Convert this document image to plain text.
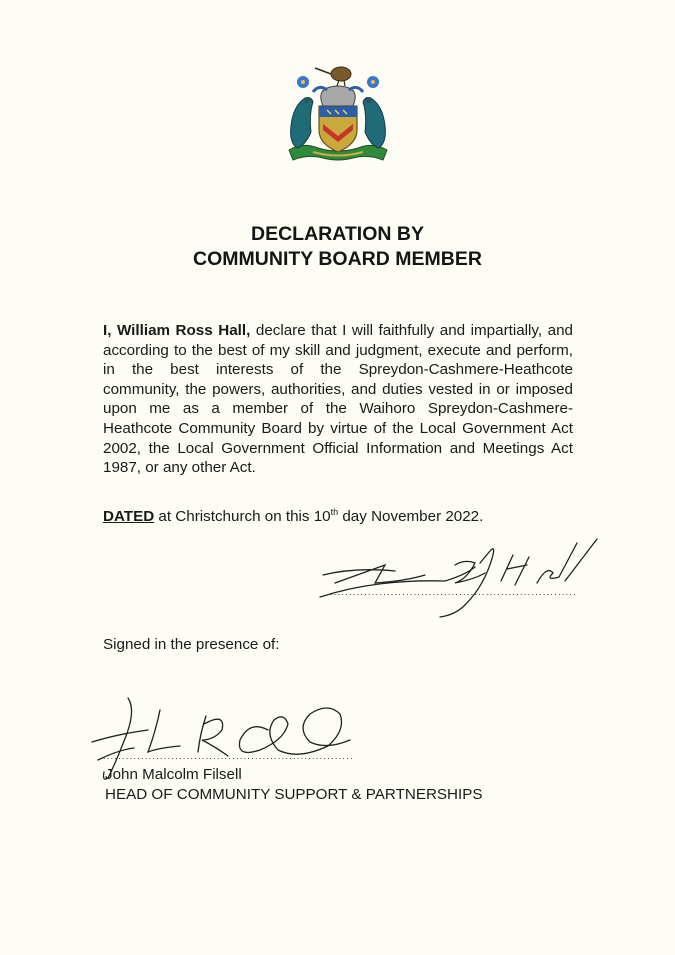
DECLARATION BY
COMMUNITY BOARD MEMBER
I, William Ross Hall, declare that I will faithfully and impartially, and according to the best of my skill and judgment, execute and perform, in the best interests of the Spreydon-Cashmere-Heathcote community, the powers, authorities, and duties vested in or imposed upon me as a member of the Waihoro Spreydon-Cashmere-Heathcote Community Board by virtue of the Local Government Act 2002, the Local Government Official Information and Meetings Act 1987, or any other Act.
DATED at Christchurch on this 10th day November 2022.
.................................................................
Signed in the presence of:
..................................................................
John Malcolm Filsell
HEAD OF COMMUNITY SUPPORT & PARTNERSHIPS
